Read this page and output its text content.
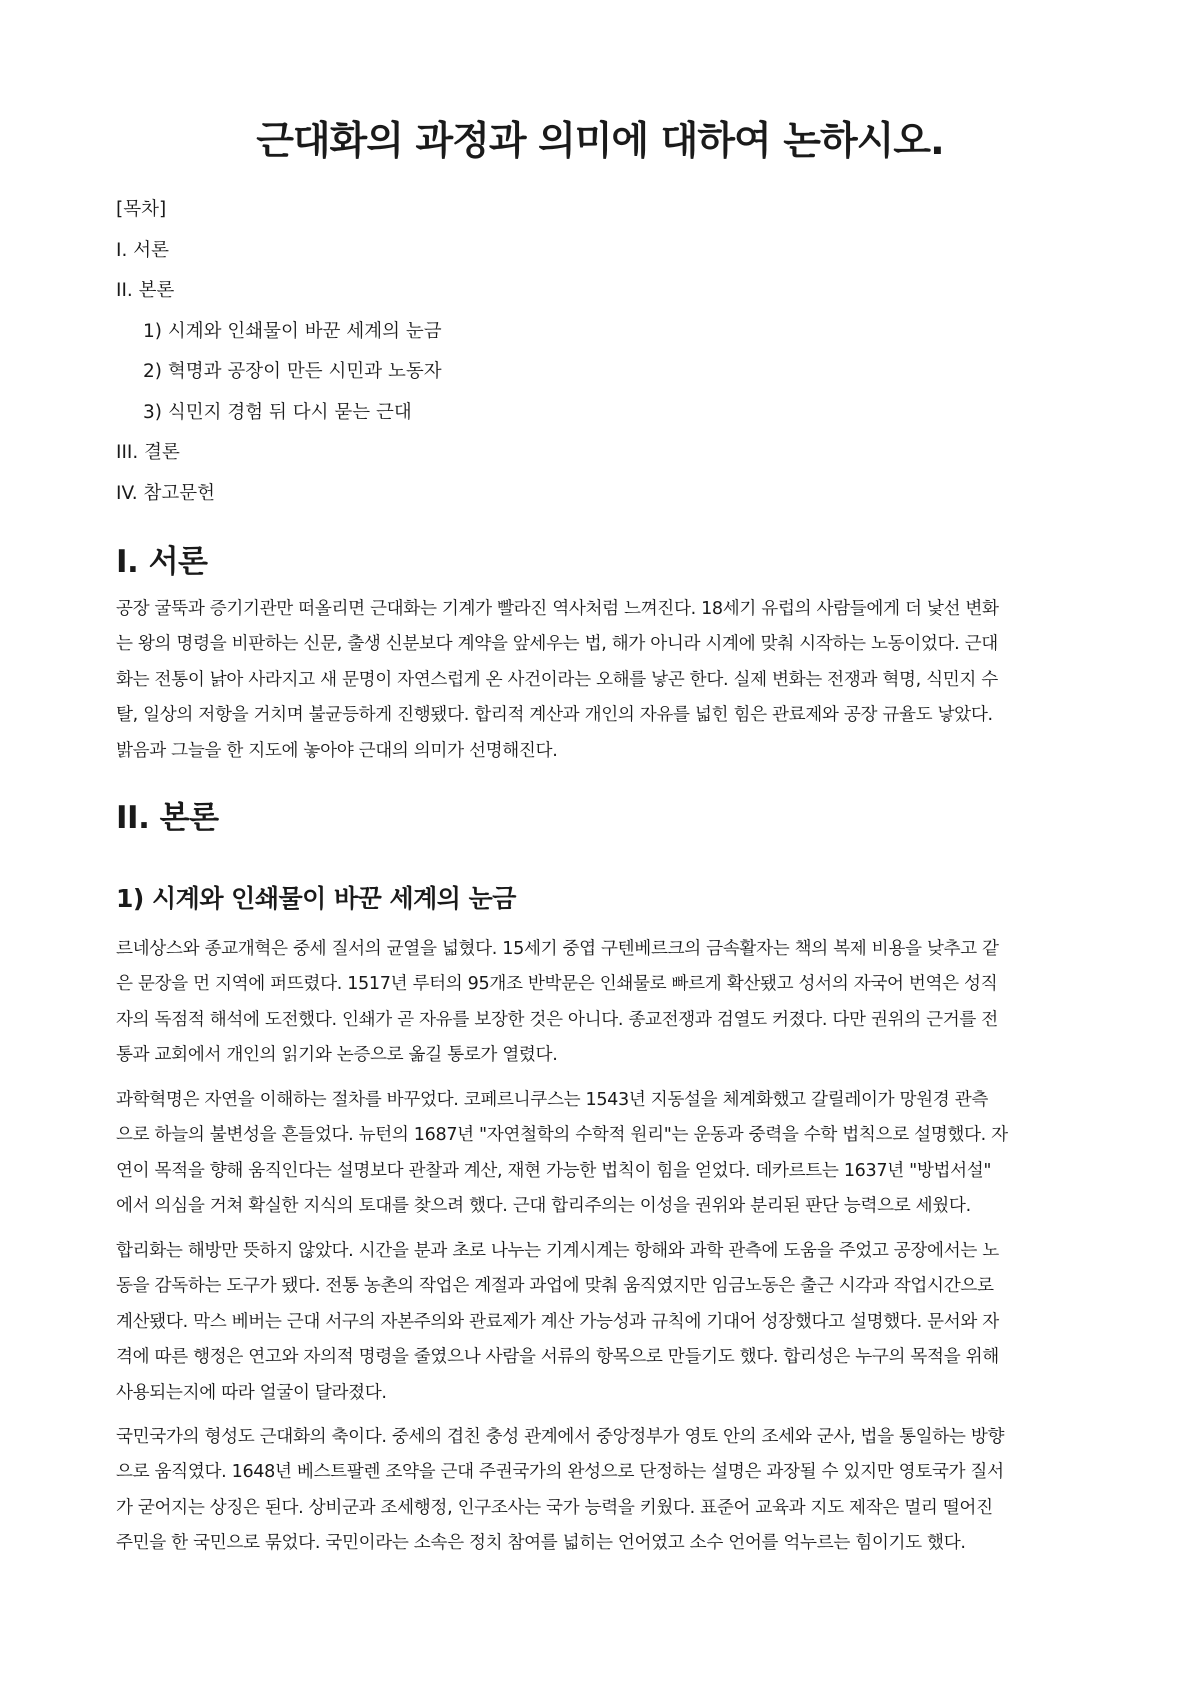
근대화의 과정과 의미에 대하여 논하시오.
[목차]
I. 서론
II. 본론
1) 시계와 인쇄물이 바꾼 세계의 눈금
2) 혁명과 공장이 만든 시민과 노동자
3) 식민지 경험 뒤 다시 묻는 근대
III. 결론
IV. 참고문헌
I. 서론
공장 굴뚝과 증기기관만 떠올리면 근대화는 기계가 빨라진 역사처럼 느껴진다. 18세기 유럽의 사람들에게 더 낯선 변화
는 왕의 명령을 비판하는 신문, 출생 신분보다 계약을 앞세우는 법, 해가 아니라 시계에 맞춰 시작하는 노동이었다. 근대
화는 전통이 낡아 사라지고 새 문명이 자연스럽게 온 사건이라는 오해를 낳곤 한다. 실제 변화는 전쟁과 혁명, 식민지 수
탈, 일상의 저항을 거치며 불균등하게 진행됐다. 합리적 계산과 개인의 자유를 넓힌 힘은 관료제와 공장 규율도 낳았다.
밝음과 그늘을 한 지도에 놓아야 근대의 의미가 선명해진다.
II. 본론
1) 시계와 인쇄물이 바꾼 세계의 눈금
르네상스와 종교개혁은 중세 질서의 균열을 넓혔다. 15세기 중엽 구텐베르크의 금속활자는 책의 복제 비용을 낮추고 같
은 문장을 먼 지역에 퍼뜨렸다. 1517년 루터의 95개조 반박문은 인쇄물로 빠르게 확산됐고 성서의 자국어 번역은 성직
자의 독점적 해석에 도전했다. 인쇄가 곧 자유를 보장한 것은 아니다. 종교전쟁과 검열도 커졌다. 다만 권위의 근거를 전
통과 교회에서 개인의 읽기와 논증으로 옮길 통로가 열렸다.
과학혁명은 자연을 이해하는 절차를 바꾸었다. 코페르니쿠스는 1543년 지동설을 체계화했고 갈릴레이가 망원경 관측
으로 하늘의 불변성을 흔들었다. 뉴턴의 1687년 "자연철학의 수학적 원리"는 운동과 중력을 수학 법칙으로 설명했다. 자
연이 목적을 향해 움직인다는 설명보다 관찰과 계산, 재현 가능한 법칙이 힘을 얻었다. 데카르트는 1637년 "방법서설"
에서 의심을 거쳐 확실한 지식의 토대를 찾으려 했다. 근대 합리주의는 이성을 권위와 분리된 판단 능력으로 세웠다.
합리화는 해방만 뜻하지 않았다. 시간을 분과 초로 나누는 기계시계는 항해와 과학 관측에 도움을 주었고 공장에서는 노
동을 감독하는 도구가 됐다. 전통 농촌의 작업은 계절과 과업에 맞춰 움직였지만 임금노동은 출근 시각과 작업시간으로
계산됐다. 막스 베버는 근대 서구의 자본주의와 관료제가 계산 가능성과 규칙에 기대어 성장했다고 설명했다. 문서와 자
격에 따른 행정은 연고와 자의적 명령을 줄였으나 사람을 서류의 항목으로 만들기도 했다. 합리성은 누구의 목적을 위해
사용되는지에 따라 얼굴이 달라졌다.
국민국가의 형성도 근대화의 축이다. 중세의 겹친 충성 관계에서 중앙정부가 영토 안의 조세와 군사, 법을 통일하는 방향
으로 움직였다. 1648년 베스트팔렌 조약을 근대 주권국가의 완성으로 단정하는 설명은 과장될 수 있지만 영토국가 질서
가 굳어지는 상징은 된다. 상비군과 조세행정, 인구조사는 국가 능력을 키웠다. 표준어 교육과 지도 제작은 멀리 떨어진
주민을 한 국민으로 묶었다. 국민이라는 소속은 정치 참여를 넓히는 언어였고 소수 언어를 억누르는 힘이기도 했다.
